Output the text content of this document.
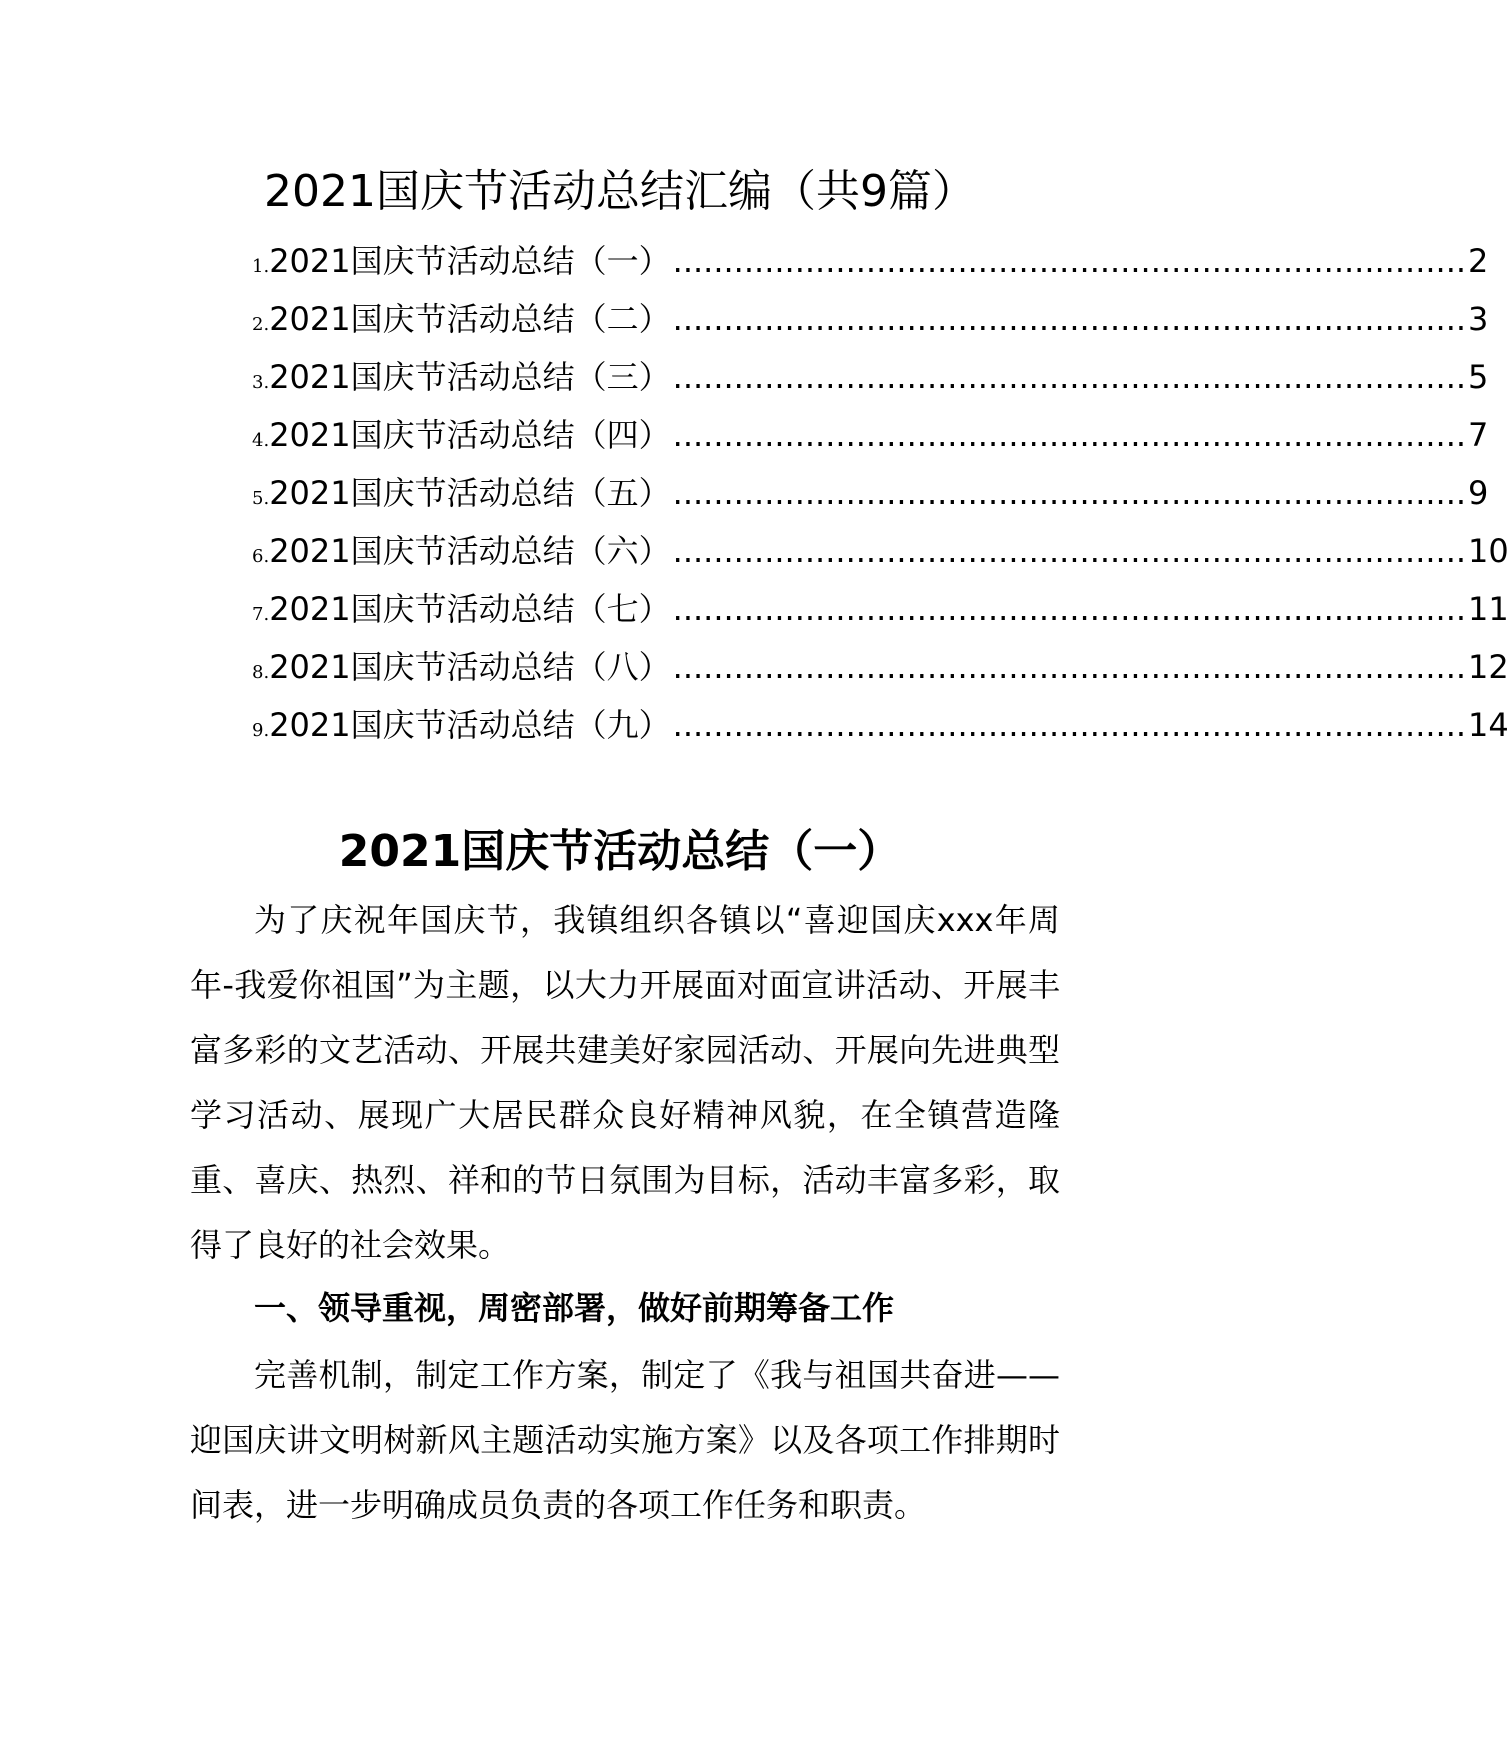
2021国庆节活动总结汇编（共9篇）
1. 2021国庆节活动总结（一） .............................................................................. 2
2. 2021国庆节活动总结（二） .............................................................................. 3
3. 2021国庆节活动总结（三） .............................................................................. 5
4. 2021国庆节活动总结（四） .............................................................................. 7
5. 2021国庆节活动总结（五） .............................................................................. 9
6. 2021国庆节活动总结（六） .............................................................................. 10
7. 2021国庆节活动总结（七） .............................................................................. 11
8. 2021国庆节活动总结（八） .............................................................................. 12
9. 2021国庆节活动总结（九） .............................................................................. 14
2021国庆节活动总结（一）
为了庆祝年国庆节，我镇组织各镇以“喜迎国庆xxx年周年-我爱你祖国”为主题，以大力开展面对面宣讲活动、开展丰富多彩的文艺活动、开展共建美好家园活动、开展向先进典型学习活动、展现广大居民群众良好精神风貌，在全镇营造隆重、喜庆、热烈、祥和的节日氛围为目标，活动丰富多彩，取得了良好的社会效果。
一、领导重视，周密部署，做好前期筹备工作
完善机制，制定工作方案，制定了《我与祖国共奋进——迎国庆讲文明树新风主题活动实施方案》以及各项工作排期时间表，进一步明确成员负责的各项工作任务和职责。
